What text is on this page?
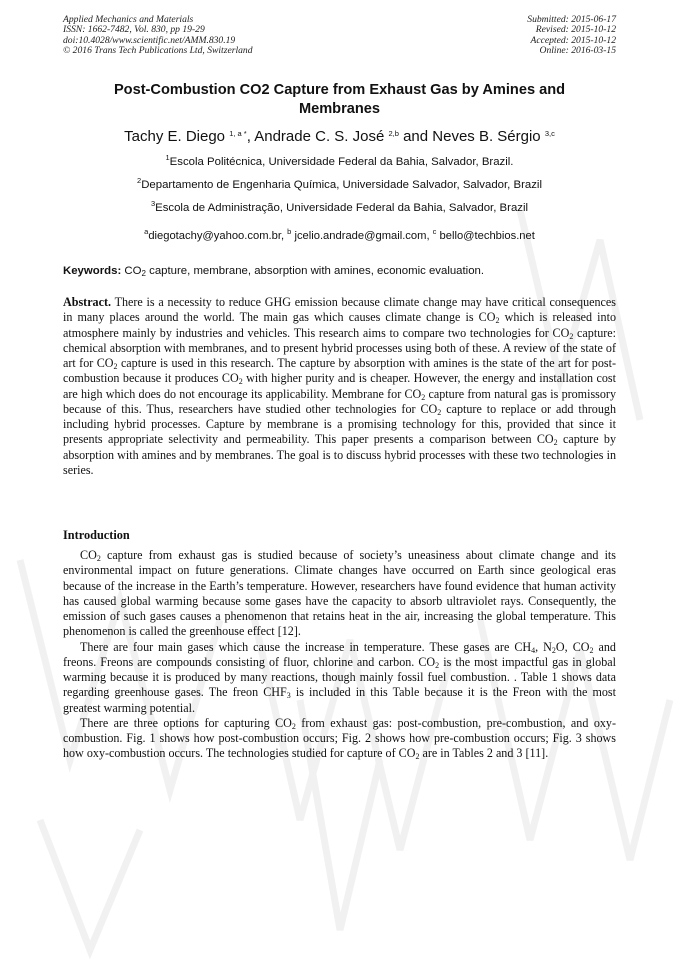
Applied Mechanics and Materials
ISSN: 1662-7482, Vol. 830, pp 19-29
doi:10.4028/www.scientific.net/AMM.830.19
© 2016 Trans Tech Publications Ltd, Switzerland
Submitted: 2015-06-17
Revised: 2015-10-12
Accepted: 2015-10-12
Online: 2016-03-15
Post-Combustion CO2 Capture from Exhaust Gas by Amines and
Membranes
Tachy E. Diego $^{1, a *}$, Andrade C. S. José $^{2,b}$ and Neves B. Sérgio $^{3,c}$
$^1$Escola Politécnica, Universidade Federal da Bahia, Salvador, Brazil.
$^2$Departamento de Engenharia Química, Universidade Salvador, Salvador, Brazil
$^3$Escola de Administração, Universidade Federal da Bahia, Salvador, Brazil
$^a$diegotachy@yahoo.com.br, $^b$ jcelio.andrade@gmail.com, $^c$ bello@techbios.net
Keywords: $CO_2$ capture, membrane, absorption with amines, economic evaluation.
Abstract. There is a necessity to reduce GHG emission because climate change may have critical consequences in many places around the world. The main gas which causes climate change is $CO_2$ which is released into atmosphere mainly by industries and vehicles. This research aims to compare two technologies for $CO_2$ capture: chemical absorption with membranes, and to present hybrid processes using both of these. A review of the state of art for $CO_2$ capture is used in this research. The capture by absorption with amines is the state of the art for post-combustion because it produces $CO_2$ with higher purity and is cheaper. However, the energy and installation cost are high which does do not encourage its applicability. Membrane for $CO_2$ capture from natural gas is promissory because of this. Thus, researchers have studied other technologies for $CO_2$ capture to replace or add through including hybrid processes. Capture by membrane is a promising technology for this, provided that since it presents appropriate selectivity and permeability. This paper presents a comparison between $CO_2$ capture by absorption with amines and by membranes. The goal is to discuss hybrid processes with these two technologies in series.
Introduction

$CO_2$ capture from exhaust gas is studied because of society’s uneasiness about climate change and its environmental impact on future generations. Climate changes have occurred on Earth since geological eras because of the increase in the Earth’s temperature. However, researchers have found evidence that human activity has caused global warming because some gases have the capacity to absorb ultraviolet rays. Consequently, the emission of such gases causes a phenomenon that retains heat in the air, increasing the global temperature. This phenomenon is called the greenhouse effect [12].

There are four main gases which cause the increase in temperature. These gases are $CH_4$, $N_2O$, $CO_2$ and freons. Freons are compounds consisting of fluor, chlorine and carbon. $CO_2$ is the most impactful gas in global warming because it is produced by many reactions, though mainly fossil fuel combustion. . Table 1 shows data regarding greenhouse gases. The freon $CHF_3$ is included in this Table because it is the Freon with the most greatest warming potential.

There are three options for capturing $CO_2$ from exhaust gas: post-combustion, pre-combustion, and oxy-combustion. Fig. 1 shows how post-combustion occurs; Fig. 2 shows how pre-combustion occurs; Fig. 3 shows how oxy-combustion occurs. The technologies studied for capture of $CO_2$ are in Tables 2 and 3 [11].
